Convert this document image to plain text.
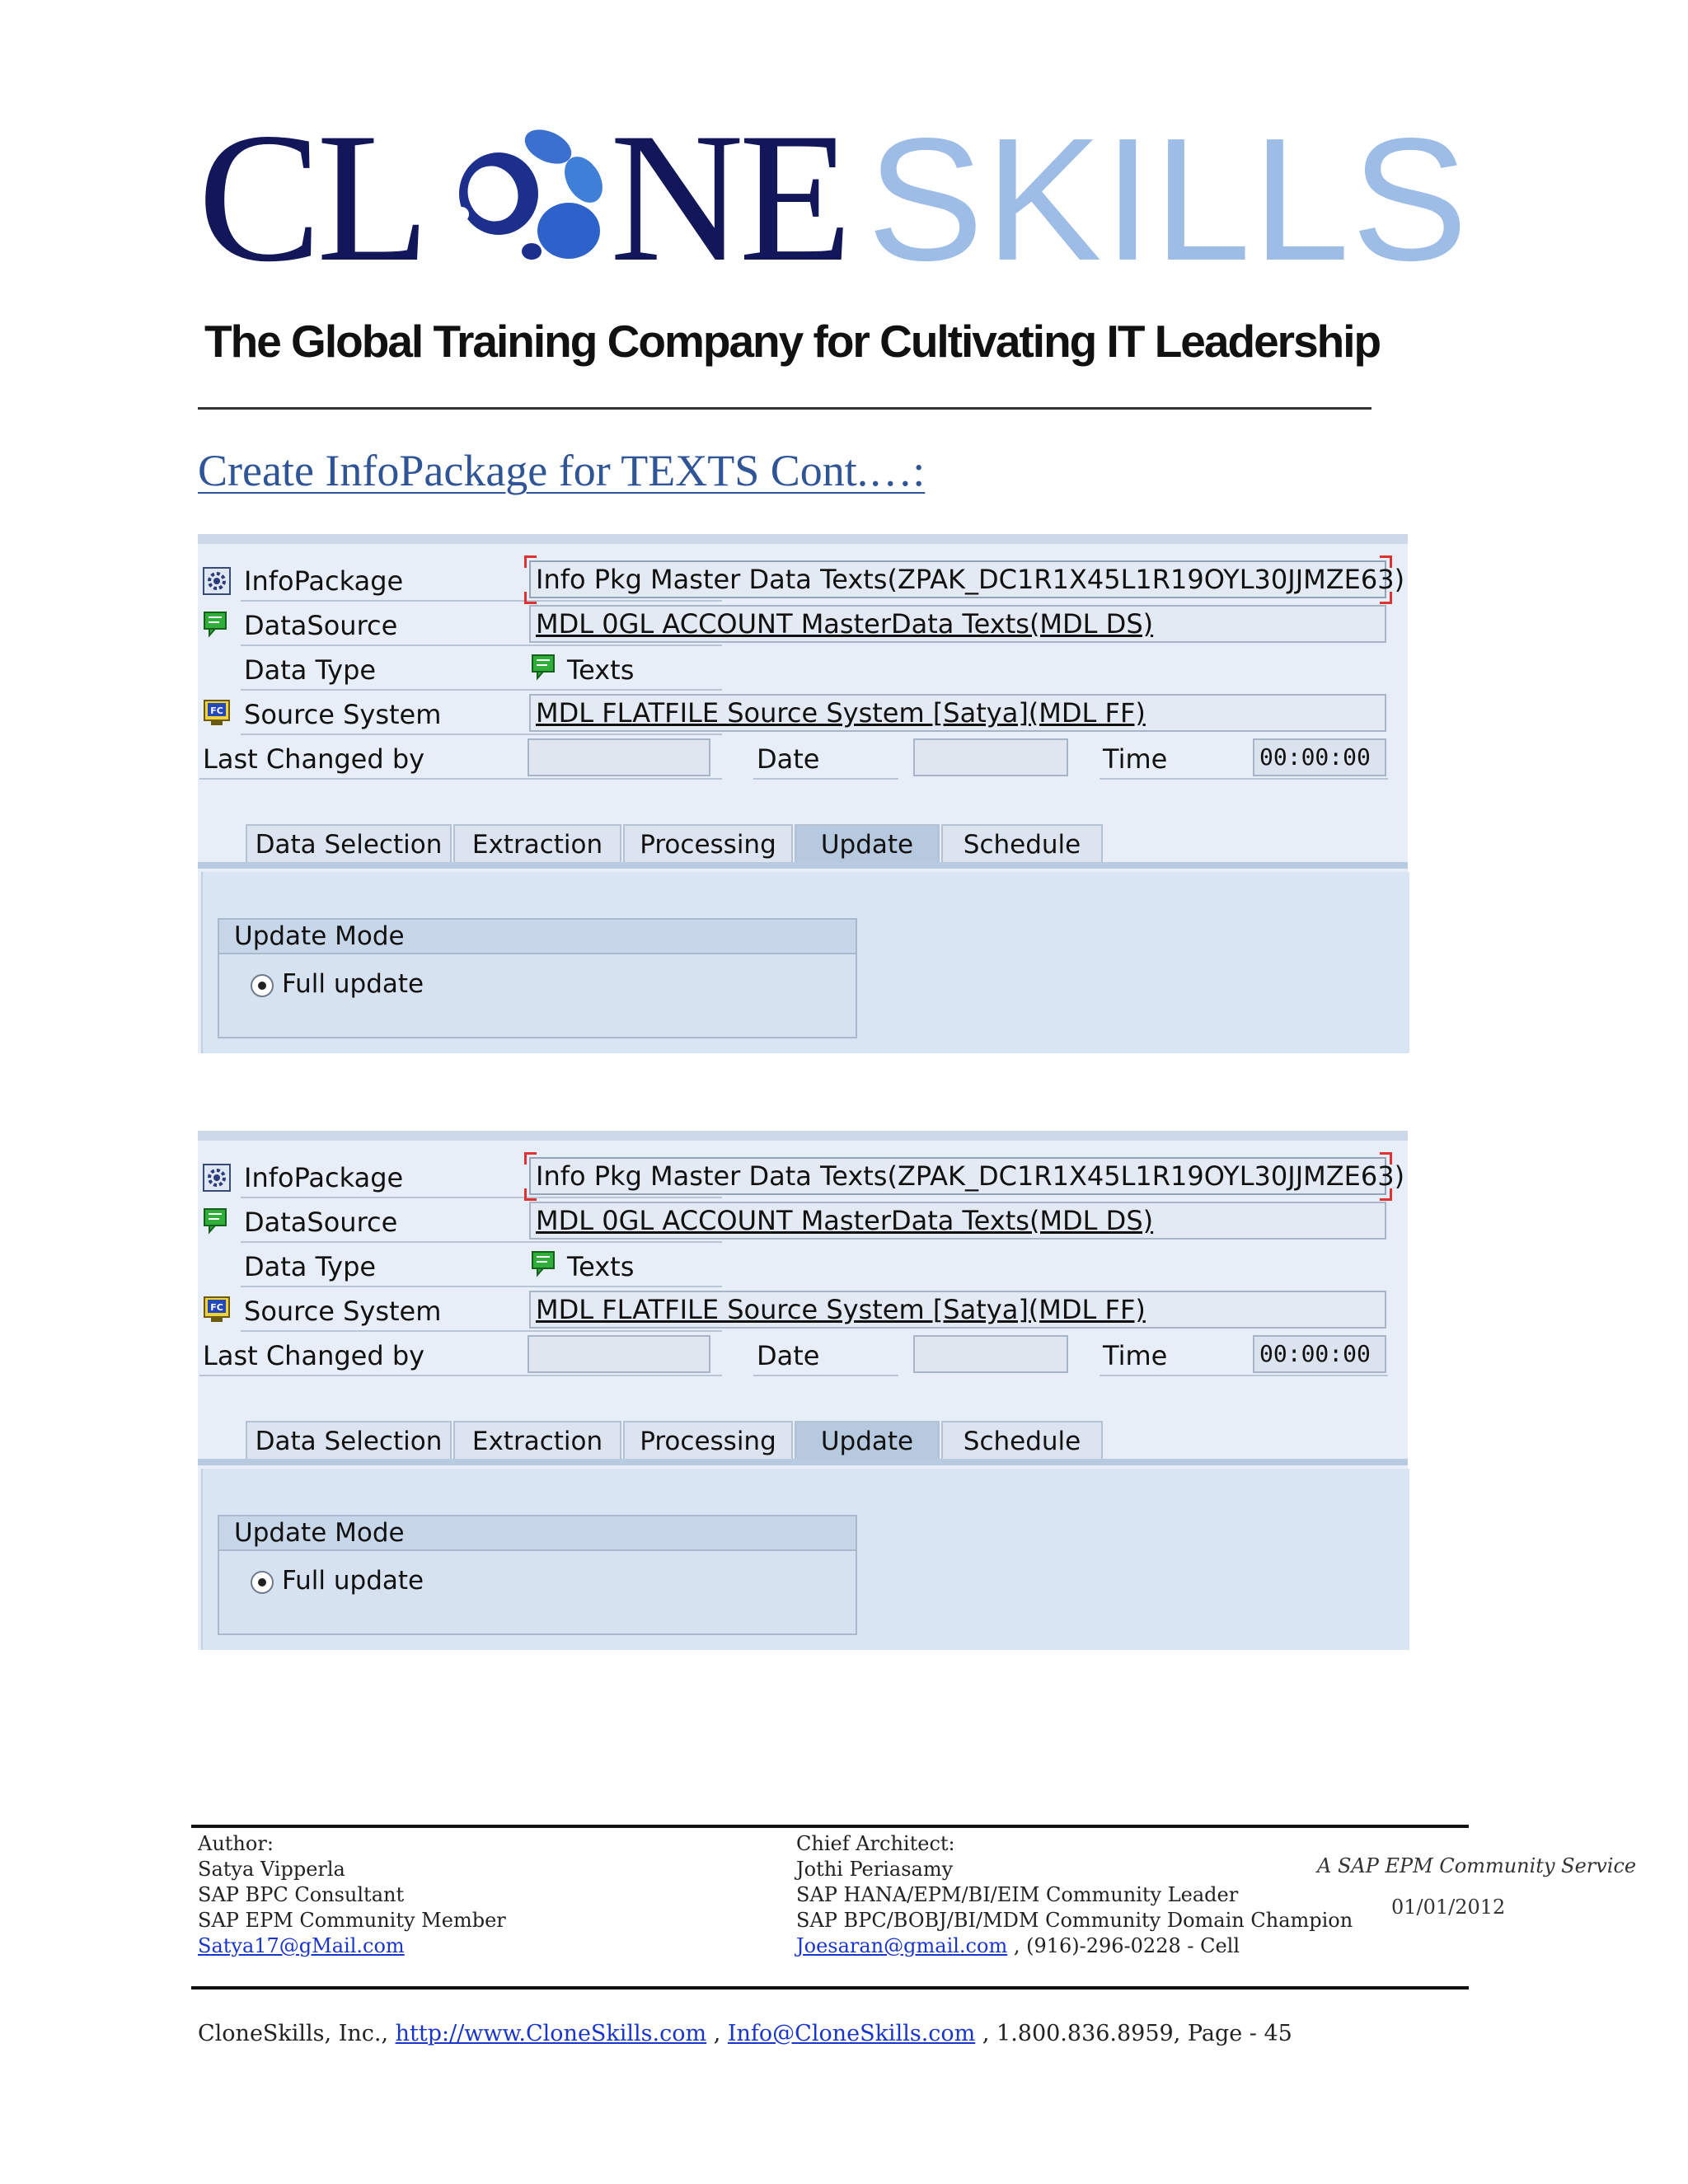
CL NE SKILLS
The Global Training Company for Cultivating IT Leadership
Create InfoPackage for TEXTS Cont.…:
InfoPackage	Info Pkg Master Data Texts(ZPAK_DC1R1X45L1R19OYL30JJMZE63)
DataSource	MDL 0GL ACCOUNT MasterData Texts(MDL DS)
Data Type	Texts
FC Source System	MDL FLATFILE Source System [Satya](MDL FF)
Last Changed by	Date	Time	00:00:00
Data Selection	Extraction	Processing	Update	Schedule
Update Mode
Full update
InfoPackage	Info Pkg Master Data Texts(ZPAK_DC1R1X45L1R19OYL30JJMZE63)
DataSource	MDL 0GL ACCOUNT MasterData Texts(MDL DS)
Data Type	Texts
FC Source System	MDL FLATFILE Source System [Satya](MDL FF)
Last Changed by	Date	Time	00:00:00
Data Selection	Extraction	Processing	Update	Schedule
Update Mode
Full update
Author:
Satya Vipperla
SAP BPC Consultant
SAP EPM Community Member
Satya17@gMail.com
Chief Architect:
Jothi Periasamy
SAP HANA/EPM/BI/EIM Community Leader
SAP BPC/BOBJ/BI/MDM Community Domain Champion
Joesaran@gmail.com , (916)-296-0228 - Cell
A SAP EPM Community Service
01/01/2012
CloneSkills, Inc., http://www.CloneSkills.com , Info@CloneSkills.com , 1.800.836.8959, Page - 45
